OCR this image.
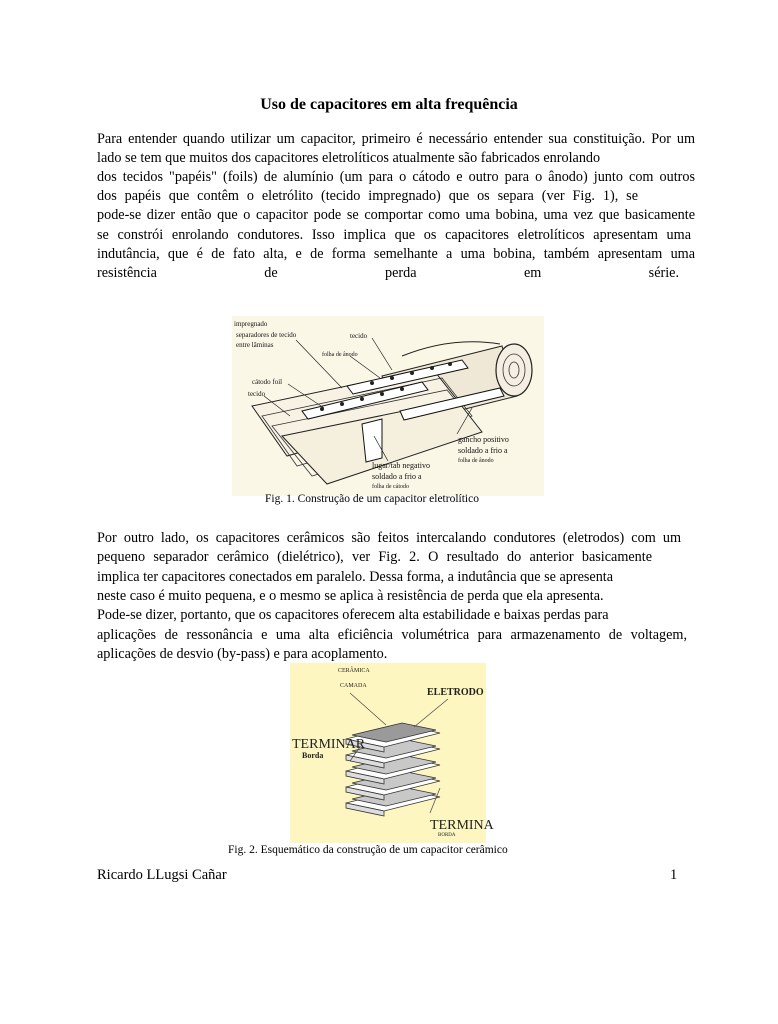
Uso de capacitores em alta frequência
Para entender quando utilizar um capacitor, primeiro é necessário entender sua constituição. Por um
lado se tem que muitos dos capacitores eletrolíticos atualmente são fabricados enrolando
dos tecidos "papéis" (foils) de alumínio (um para o cátodo e outro para o ânodo) junto com outros
dos papéis que contêm o eletrólito (tecido impregnado) que os separa (ver Fig. 1), se
pode-se dizer então que o capacitor pode se comportar como uma bobina, uma vez que basicamente
se constrói enrolando condutores. Isso implica que os capacitores eletrolíticos apresentam uma
indutância, que é de fato alta, e de forma semelhante a uma bobina, também apresentam uma
resistência de perda em série.
impregnado
separadores de tecido
entre lâminas
tecido
folha de ânodo
cátodo foil
tecido
gancho positivo
soldado a frio a
folha de ânodo
lugar/tab negativo
soldado a frio a
folha de cátodo
Fig. 1. Construção de um capacitor eletrolítico
Por outro lado, os capacitores cerâmicos são feitos intercalando condutores (eletrodos) com um
pequeno separador cerâmico (dielétrico), ver Fig. 2. O resultado do anterior basicamente
implica ter capacitores conectados em paralelo. Dessa forma, a indutância que se apresenta
neste caso é muito pequena, e o mesmo se aplica à resistência de perda que ela apresenta.
Pode-se dizer, portanto, que os capacitores oferecem alta estabilidade e baixas perdas para
aplicações de ressonância e uma alta eficiência volumétrica para armazenamento de voltagem,
aplicações de desvio (by-pass) e para acoplamento.
CERÂMICA
CAMADA
ELETRODO
TERMINAR
Borda
TERMINA
BORDA
Fig. 2. Esquemático da construção de um capacitor cerâmico
Ricardo LLugsi Cañar	1
